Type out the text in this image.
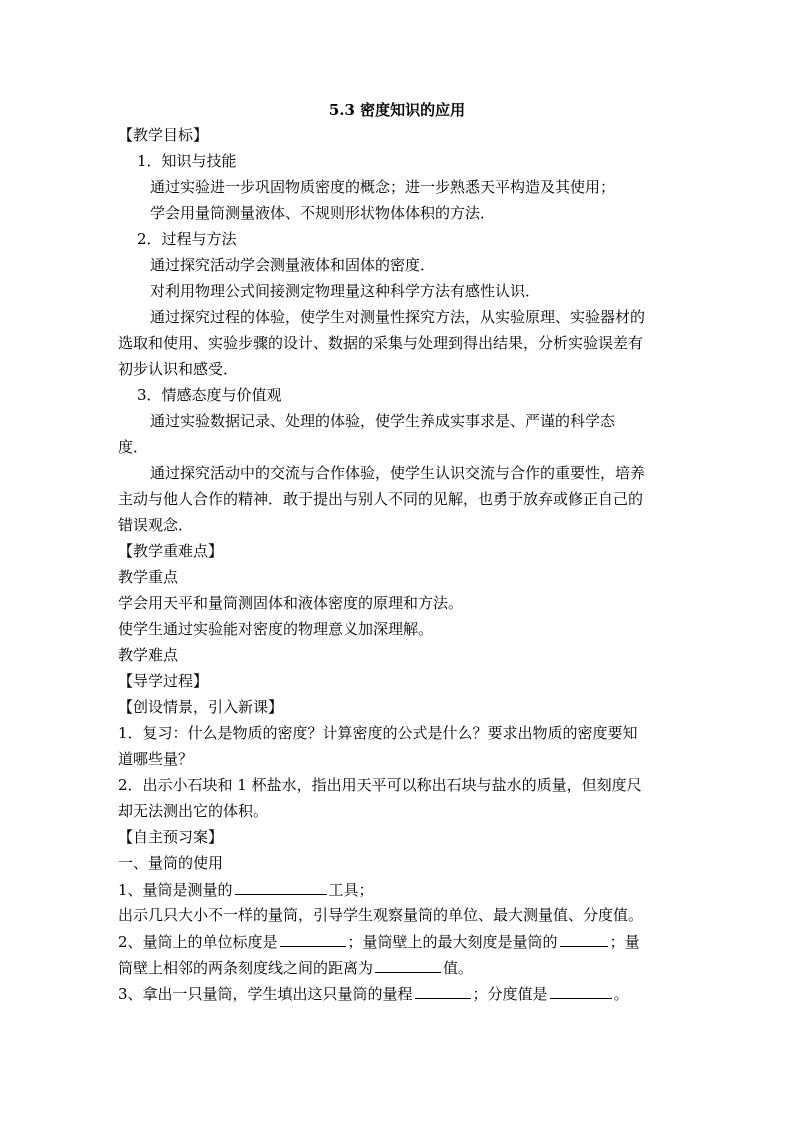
5.3 密度知识的应用
【教学目标】
1．知识与技能
通过实验进一步巩固物质密度的概念；进一步熟悉天平构造及其使用；
学会用量筒测量液体、不规则形状物体体积的方法．
2．过程与方法
通过探究活动学会测量液体和固体的密度．
对利用物理公式间接测定物理量这种科学方法有感性认识．
通过探究过程的体验，使学生对测量性探究方法，从实验原理、实验器材的
选取和使用、实验步骤的设计、数据的采集与处理到得出结果，分析实验误差有
初步认识和感受．
3．情感态度与价值观
通过实验数据记录、处理的体验，使学生养成实事求是、严谨的科学态
度．
通过探究活动中的交流与合作体验，使学生认识交流与合作的重要性，培养
主动与他人合作的精神．敢于提出与别人不同的见解，也勇于放弃或修正自己的
错误观念．
【教学重难点】
教学重点
学会用天平和量筒测固体和液体密度的原理和方法。
使学生通过实验能对密度的物理意义加深理解。
教学难点
【导学过程】
【创设情景，引入新课】
1．复习：什么是物质的密度？计算密度的公式是什么？要求出物质的密度要知
道哪些量？
2．出示小石块和 1 杯盐水，指出用天平可以称出石块与盐水的质量，但刻度尺
却无法测出它的体积。
【自主预习案】
一、量筒的使用
1、量筒是测量的	工具；
出示几只大小不一样的量筒，引导学生观察量筒的单位、最大测量值、分度值。
2、量筒上的单位标度是	；量筒壁上的最大刻度是量筒的	；量
筒壁上相邻的两条刻度线之间的距离为	值。
3、拿出一只量筒，学生填出这只量筒的量程	；分度值是	。
